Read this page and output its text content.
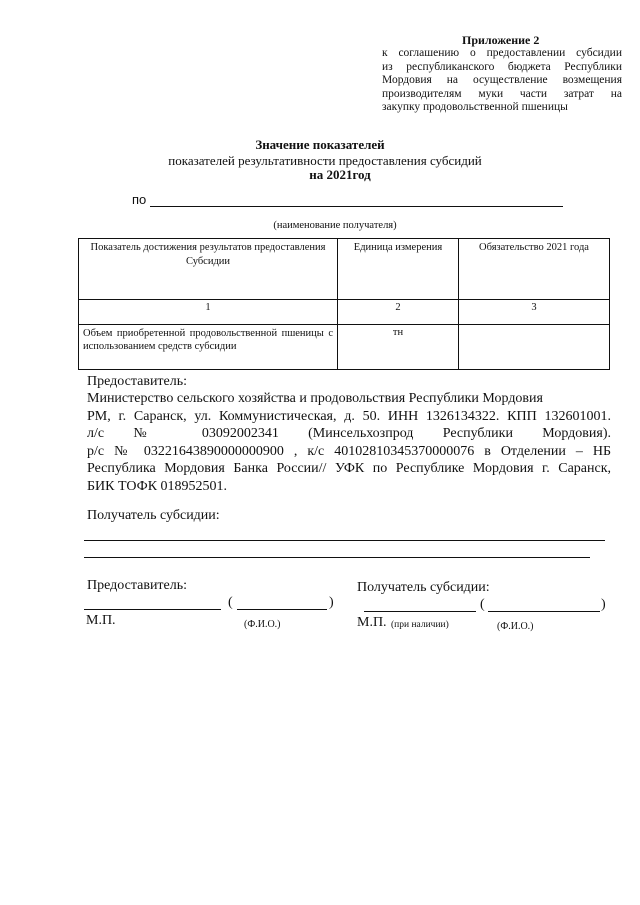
Приложение 2
к соглашению о предоставлении субсидии
из республиканского бюджета Республики
Мордовия на осуществление возмещения
производителям муки части затрат на
закупку продовольственной пшеницы
Значение показателей
показателей результативности предоставления субсидий
на 2021год
по
(наименование получателя)
Показатель достижения результатов предоставления Субсидии	Единица измерения	Обязательство 2021 года
1	2	3
Объем приобретенной продовольственной пшеницы с использованием средств субсидии	тн	
Предоставитель:
Министерство сельского хозяйства и продовольствия Республики Мордовия
РМ, г. Саранск, ул. Коммунистическая, д. 50. ИНН 1326134322. КПП 132601001.
л/с № 03092002341 (Минсельхозпрод Республики Мордовия).
р/с № 03221643890000000900 , к/с 40102810345370000076 в Отделении – НБ
Республика Мордовия Банка России// УФК по Республике Мордовия г. Саранск,
БИК ТОФК 018952501.
Получатель субсидии:
Предоставитель:	Получатель субсидии:
(	)	(	)
М.П.	(Ф.И.О.)	М.П. (при наличии)	(Ф.И.О.)
